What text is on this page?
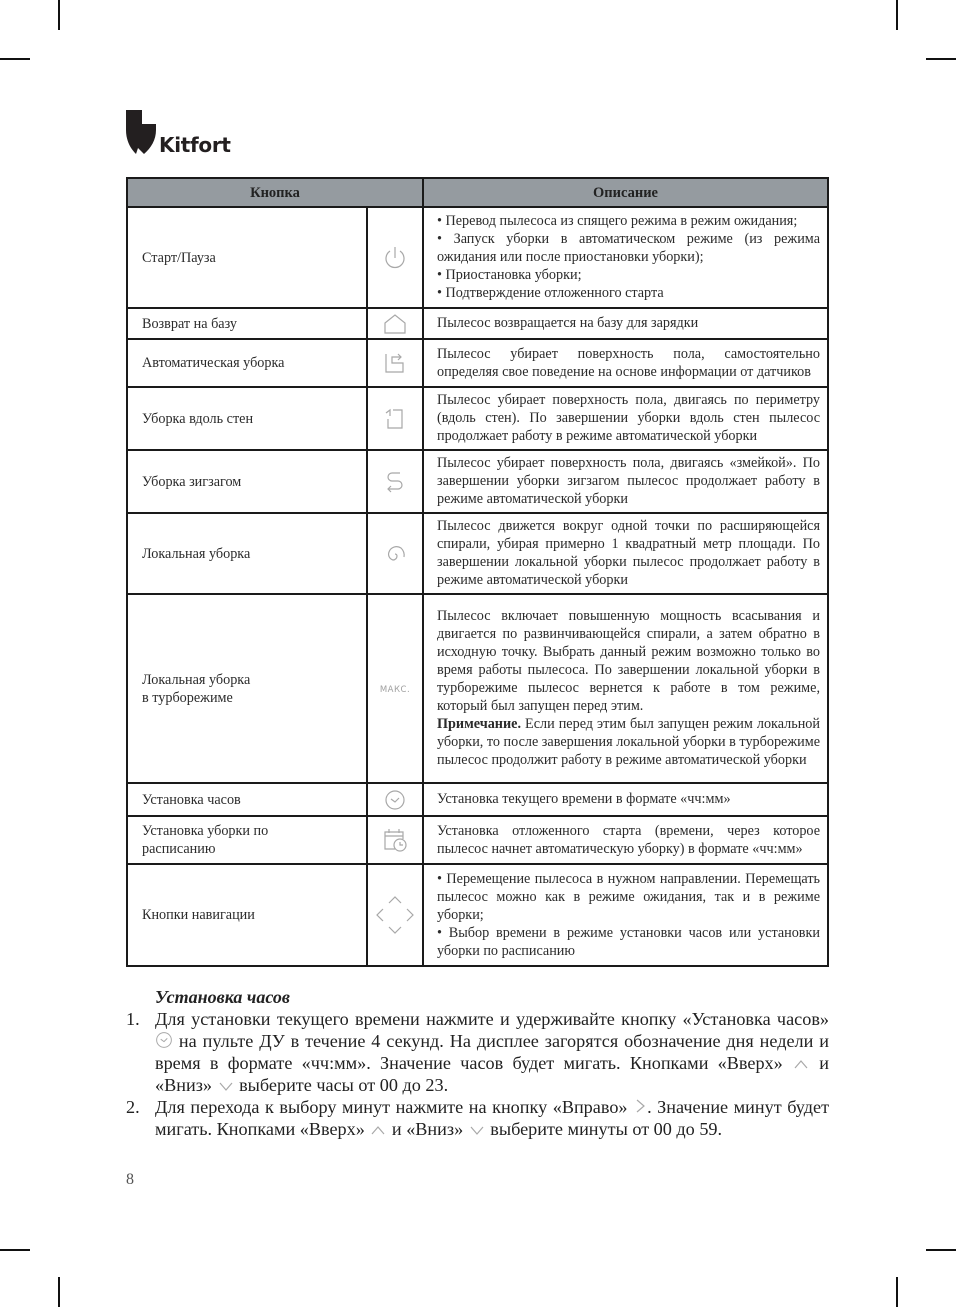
Kitfort
Кнопка		Описание
Старт/Пауза		• Перевод пылесоса из спящего режима в режим ожидания;

• Запуск уборки в автоматическом режиме (из режима ожидания или после приостановки уборки);

• Приостановка уборки;

• Подтверждение отложенного старта

Возврат на базу		Пылесос возвращается на базу для зарядки

Автоматическая уборка		Пылесос убирает поверхность пола, самостоятельно определяя свое поведение на основе информации от датчиков

Уборка вдоль стен		Пылесос убирает поверхность пола, двигаясь по периметру (вдоль стен). По завершении уборки вдоль стен пылесос продолжает работу в режиме автоматической уборки

Уборка зигзагом		Пылесос убирает поверхность пола, двигаясь «змейкой». По завершении уборки зигзагом пылесос продолжает работу в режиме автоматической уборки

Локальная уборка		Пылесос движется вокруг одной точки по расширяющейся спирали, убирая примерно 1 квадратный метр площади. По завершении локальной уборки пылесос продолжает работу в режиме автоматической уборки

Локальная уборка
в турборежиме	МАКС.	Пылесос включает повышенную мощность всасывания и двигается по развинчивающейся спирали, а затем обратно в исходную точку. Выбрать данный режим возможно только во время работы пылесоса. По завершении локальной уборки в турборежиме пылесос вернется к работе в том режиме, который был запущен перед этим.
Примечание. Если перед этим был запущен режим локальной уборки, то после завершения локальной уборки в турборежиме пылесос продолжит работу в режиме автоматической уборки

Установка часов		Установка текущего времени в формате «чч:мм»

Установка уборки по
расписанию		Установка отложенного старта (времени, через которое пылесос начнет автоматическую уборку) в формате «чч:мм»

Кнопки навигации		• Перемещение пылесоса в нужном направлении. Перемещать пылесос можно как в режиме ожидания, так и в режиме уборки;

• Выбор времени в режиме установки часов или установки уборки по расписанию

Установка часов
1. Для установки текущего времени нажмите и удерживайте кнопку «Установка часов»  на пульте ДУ в течение 4 секунд. На дисплее загорятся обозначение дня недели и время в формате «чч:мм». Значение часов будет мигать. Кнопками «Вверх»  и «Вниз»  выберите часы от 00 до 23.
2. Для перехода к выбору минут нажмите на кнопку «Вправо» . Значение минут будет мигать. Кнопками «Вверх»  и «Вниз»  выберите минуты от 00 до 59.
8
